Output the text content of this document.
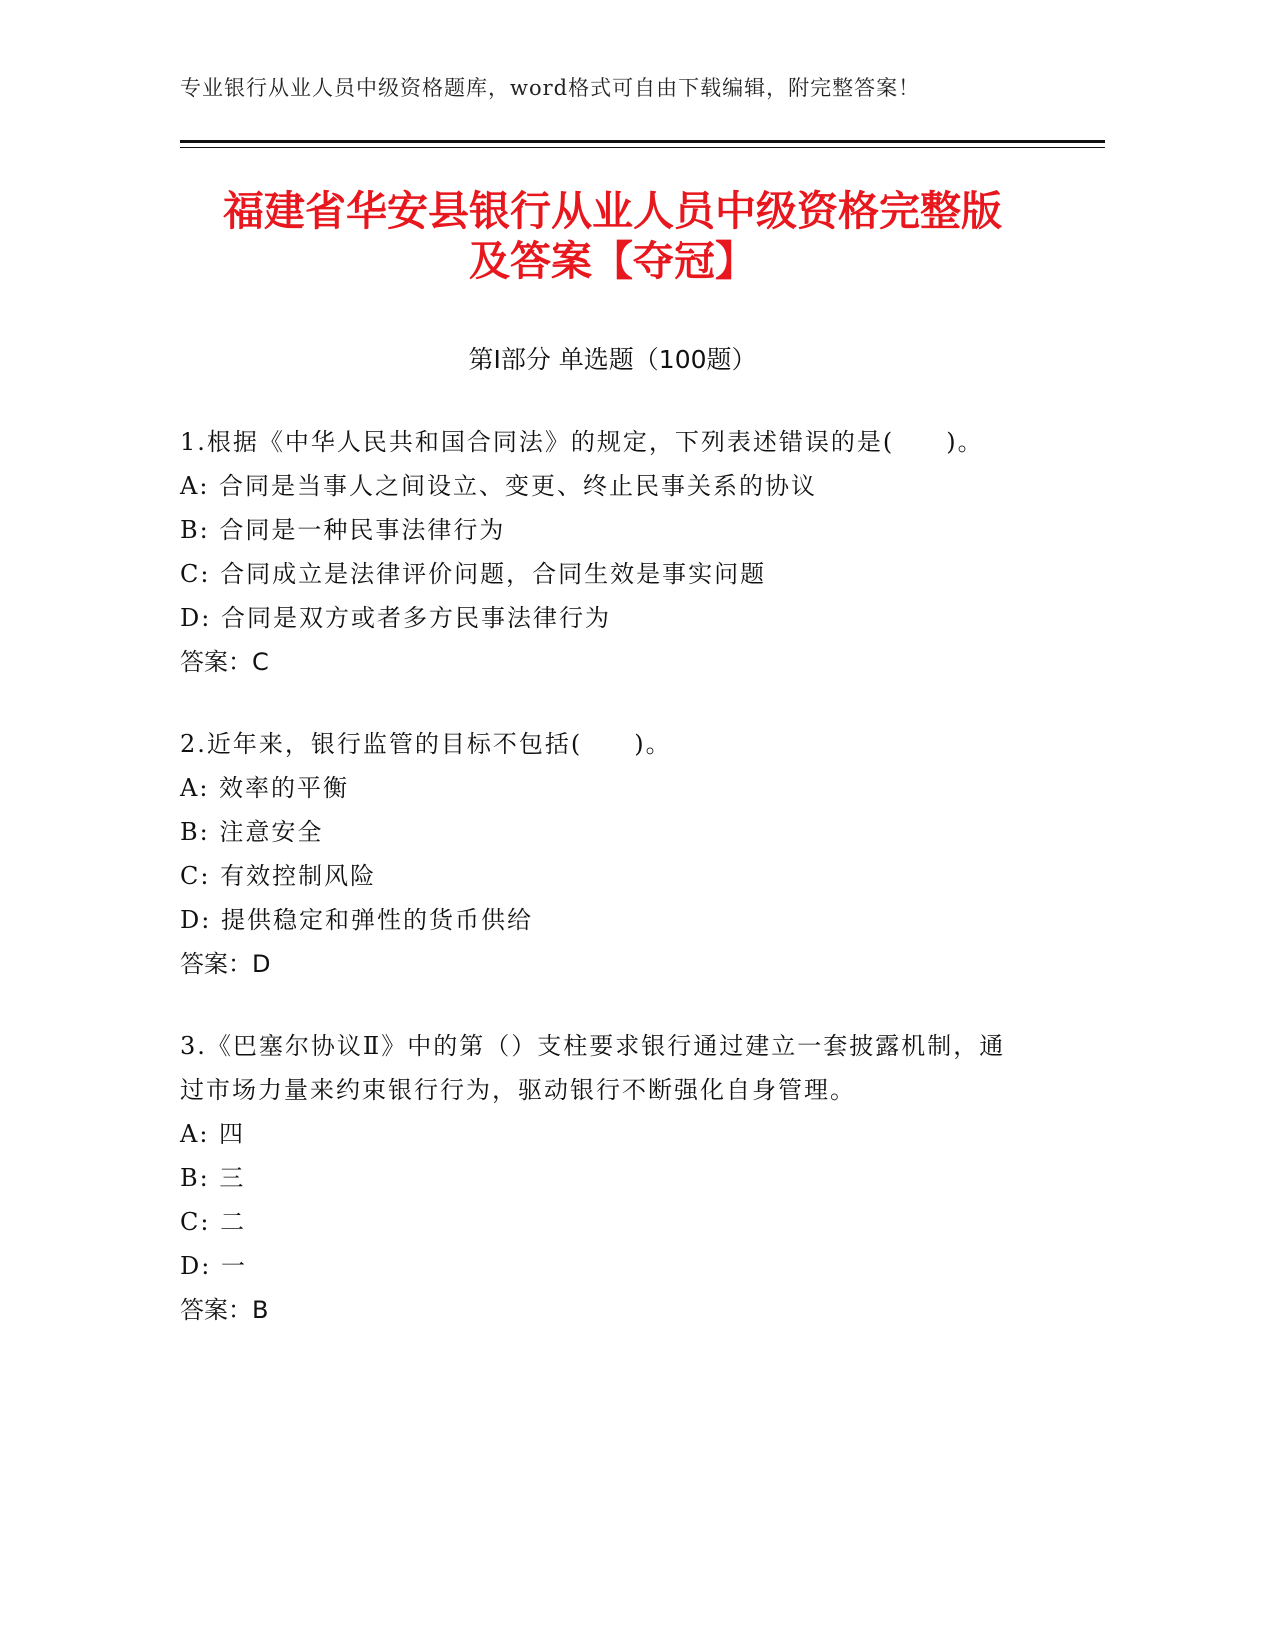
专业银行从业人员中级资格题库，word格式可自由下载编辑，附完整答案！
福建省华安县银行从业人员中级资格完整版
及答案【夺冠】
第Ⅰ部分 单选题（100题）

1.根据《中华人民共和国合同法》的规定，下列表述错误的是(　　)。

A: 合同是当事人之间设立、变更、终止民事关系的协议

B: 合同是一种民事法律行为

C: 合同成立是法律评价问题，合同生效是事实问题

D: 合同是双方或者多方民事法律行为

答案：C

2.近年来，银行监管的目标不包括(　　)。

A: 效率的平衡

B: 注意安全

C: 有效控制风险

D: 提供稳定和弹性的货币供给

答案：D

3.《巴塞尔协议Ⅱ》中的第（）支柱要求银行通过建立一套披露机制，通过市场力量来约束银行行为，驱动银行不断强化自身管理。

A: 四

B: 三

C: 二

D: 一

答案：B
